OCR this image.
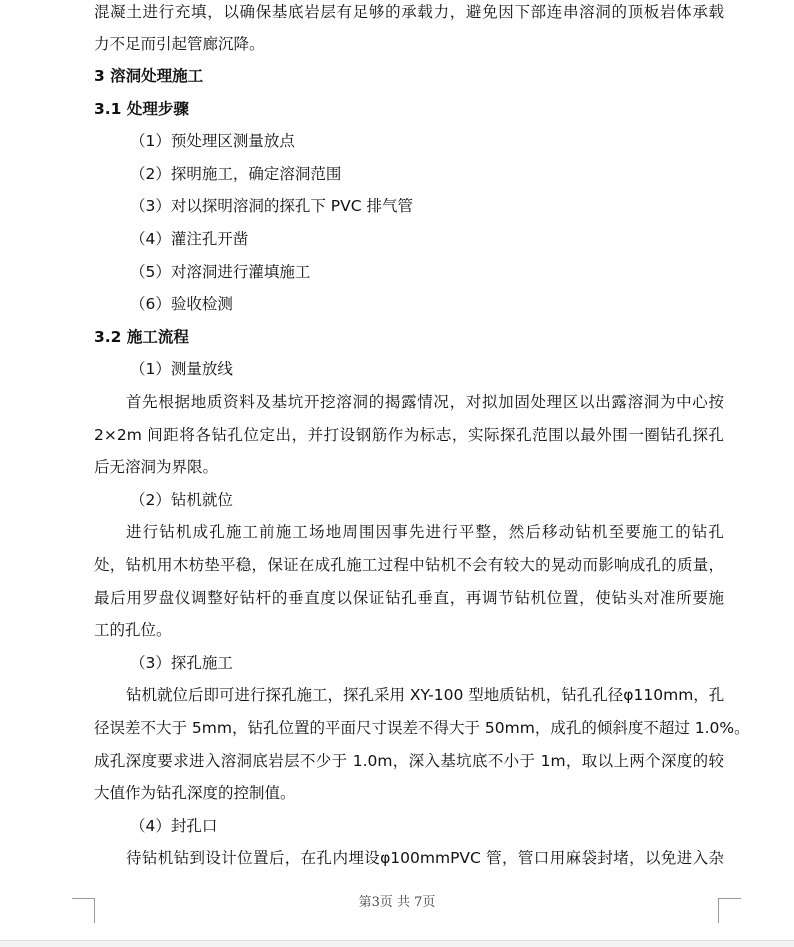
混凝土进行充填，以确保基底岩层有足够的承载力，避免因下部连串溶洞的顶板岩体承载
力不足而引起管廊沉降。
3 溶洞处理施工
3.1 处理步骤
（1）预处理区测量放点
（2）探明施工，确定溶洞范围
（3）对以探明溶洞的探孔下 PVC 排气管
（4）灌注孔开凿
（5）对溶洞进行灌填施工
（6）验收检测
3.2 施工流程
（1）测量放线
首先根据地质资料及基坑开挖溶洞的揭露情况，对拟加固处理区以出露溶洞为中心按
2×2m 间距将各钻孔位定出，并打设钢筋作为标志，实际探孔范围以最外围一圈钻孔探孔
后无溶洞为界限。
（2）钻机就位
进行钻机成孔施工前施工场地周围因事先进行平整，然后移动钻机至要施工的钻孔
处，钻机用木枋垫平稳，保证在成孔施工过程中钻机不会有较大的晃动而影响成孔的质量，
最后用罗盘仪调整好钻杆的垂直度以保证钻孔垂直，再调节钻机位置，使钻头对准所要施
工的孔位。
（3）探孔施工
钻机就位后即可进行探孔施工，探孔采用 XY-100 型地质钻机，钻孔孔径φ110mm，孔
径误差不大于 5mm，钻孔位置的平面尺寸误差不得大于 50mm，成孔的倾斜度不超过 1.0%。
成孔深度要求进入溶洞底岩层不少于 1.0m，深入基坑底不小于 1m，取以上两个深度的较
大值作为钻孔深度的控制值。
（4）封孔口
待钻机钻到设计位置后，在孔内埋设φ100mmPVC 管，管口用麻袋封堵，以免进入杂
第3页 共 7页
